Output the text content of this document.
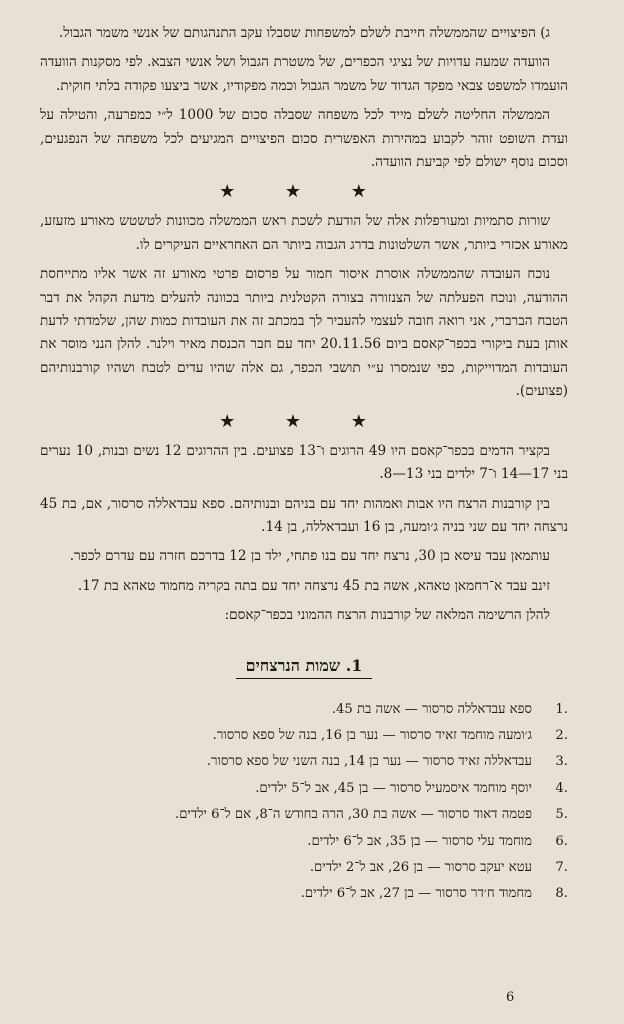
ג) הפיצויים שהממשלה חייבת לשלם למשפחות שסבלו עקב התנהגותם של אנשי משמר הגבול.

הוועדה שמעה עדויות של נציגי הכפרים, של משטרת הגבול ושל אנשי הצבא. לפי מסקנות הוועדה הועמדו למשפט צבאי מפקד הגדוד של משמר הגבול וכמה מפקודיו, אשר ביצעו פקודה בלתי חוקית.

הממשלה החליטה לשלם מייד לכל משפחה שסבלה סכום של 1000 ל״י כמפרעה, והטילה על ועדת השופט זוהר לקבוע במהירות האפשרית סכום הפיצויים המגיעים לכל משפחה של הנפגעים, וסכום נוסף ישולם לפי קביעת הוועדה.

★ ★ ★

שורות סתמיות ומעורפלות אלה של הודעת לשכת ראש הממשלה מכוונות לטשטש מאורע מזעזע, מאורע אכזרי ביותר, אשר השלטונות בדרג הגבוה ביותר הם האחראיים העיקרים לו.

נוכח העובדה שהממשלה אוסרת איסור חמור על פרסום פרטי מאורע זה אשר אליו מתייחסת ההודעה, ונוכח הפעלתה של הצנזורה בצורה הקטלנית ביותר בכוונה להעלים מדעת הקהל את דבר הטבח הברברי, אני רואה חובה לעצמי להעביר לך במכתב זה את העובדות כמות שהן, שלמדתי לדעת אותן בעת ביקורי בכפר־קאסם ביום 20.11.56 יחד עם חבר הכנסת מאיר וילנר. להלן הנני מוסר את העובדות המדוייקות, כפי שנמסרו ע״י תושבי הכפר, גם אלה שהיו עדים לטבח ושהיו קורבנותיהם (פצועים).

★ ★ ★

בקציר הדמים בכפר־קאסם היו 49 הרוגים ו־13 פצועים. בין ההרוגים 12 נשים ובנות, 10 נערים בני 17—14 ו־7 ילדים בני 13—8.

בין קורבנות הרצח היו אבות ואמהות יחד עם בניהם ובנותיהם. ספא עבדאללה סרסור, אם, בת 45 נרצחה יחד עם שני בניה ג׳ומעה, בן 16 ועבדאללה, בן 14.

עותמאן עבד עיסא בן 30, נרצח יחד עם בנו פתחי, ילד בן 12 בדרכם חזרה עם עדרם לכפר.

זינב עבד א־רחמאן טאהא, אשה בת 45 נרצחה יחד עם בתה בקריה מחמוד טאהא בת 17.

להלן הרשימה המלאה של קורבנות הרצח ההמוני בכפר־קאסם:

1. שמות הנרצחים
1.
ספא עבדאללה סרסור — אשה בת 45.
2.
ג׳ומעה מוחמד זאיד סרסור — נער בן 16, בנה של ספא סרסור.
3.
עבדאללה זאיד סרסור — נער בן 14, בנה השני של ספא סרסור.
4.
יוסף מוחמד איסמעיל סרסור — בן 45, אב ל־5 ילדים.
5.
פטמה דאוד סרסור — אשה בת 30, הרה בחודש ה־8, אם ל־6 ילדים.
6.
מוחמד עלי סרסור — בן 35, אב ל־6 ילדים.
7.
עטא יעקב סרסור — בן 26, אב ל־2 ילדים.
8.
מחמוד ח׳דר סרסור — בן 27, אב ל־6 ילדים.
6
